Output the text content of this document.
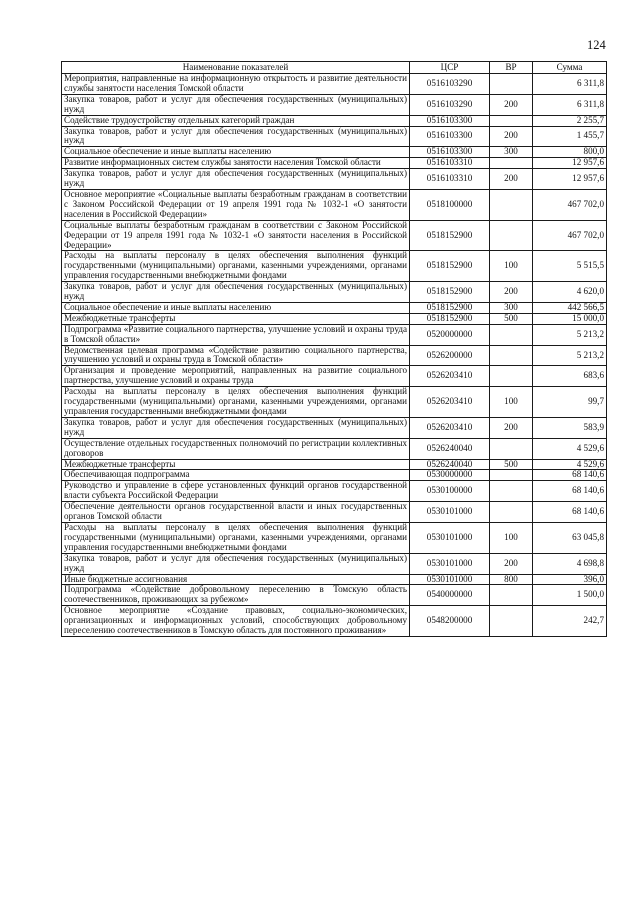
124
Наименование показателей	ЦСР	ВР	Сумма
Мероприятия, направленные на информационную открытость и развитие деятельности службы занятости населения Томской области	0516103290		6 311,8
Закупка товаров, работ и услуг для обеспечения государственных (муниципальных) нужд	0516103290	200	6 311,8
Содействие трудоустройству отдельных категорий граждан	0516103300		2 255,7
Закупка товаров, работ и услуг для обеспечения государственных (муниципальных) нужд	0516103300	200	1 455,7
Социальное обеспечение и иные выплаты населению	0516103300	300	800,0
Развитие информационных систем службы занятости населения Томской области	0516103310		12 957,6
Закупка товаров, работ и услуг для обеспечения государственных (муниципальных) нужд	0516103310	200	12 957,6
Основное мероприятие «Социальные выплаты безработным гражданам в соответствии с Законом Российской Федерации от 19 апреля 1991 года № 1032-1 «О занятости населения в Российской Федерации»	0518100000		467 702,0
Социальные выплаты безработным гражданам в соответствии с Законом Российской Федерации от 19 апреля 1991 года № 1032-1 «О занятости населения в Российской Федерации»	0518152900		467 702,0
Расходы на выплаты персоналу в целях обеспечения выполнения функций государственными (муниципальными) органами, казенными учреждениями, органами управления государственными внебюджетными фондами	0518152900	100	5 515,5
Закупка товаров, работ и услуг для обеспечения государственных (муниципальных) нужд	0518152900	200	4 620,0
Социальное обеспечение и иные выплаты населению	0518152900	300	442 566,5
Межбюджетные трансферты	0518152900	500	15 000,0
Подпрограмма «Развитие социального партнерства, улучшение условий и охраны труда в Томской области»	0520000000		5 213,2
Ведомственная целевая программа «Содействие развитию социального партнерства, улучшению условий и охраны труда в Томской области»	0526200000		5 213,2
Организация и проведение мероприятий, направленных на развитие социального партнерства, улучшение условий и охраны труда	0526203410		683,6
Расходы на выплаты персоналу в целях обеспечения выполнения функций государственными (муниципальными) органами, казенными учреждениями, органами управления государственными внебюджетными фондами	0526203410	100	99,7
Закупка товаров, работ и услуг для обеспечения государственных (муниципальных) нужд	0526203410	200	583,9
Осуществление отдельных государственных полномочий по регистрации коллективных договоров	0526240040		4 529,6
Межбюджетные трансферты	0526240040	500	4 529,6
Обеспечивающая подпрограмма	0530000000		68 140,6
Руководство и управление в сфере установленных функций органов государственной власти субъекта Российской Федерации	0530100000		68 140,6
Обеспечение деятельности органов государственной власти и иных государственных органов Томской области	0530101000		68 140,6
Расходы на выплаты персоналу в целях обеспечения выполнения функций государственными (муниципальными) органами, казенными учреждениями, органами управления государственными внебюджетными фондами	0530101000	100	63 045,8
Закупка товаров, работ и услуг для обеспечения государственных (муниципальных) нужд	0530101000	200	4 698,8
Иные бюджетные ассигнования	0530101000	800	396,0
Подпрограмма «Содействие добровольному переселению в Томскую область соотечественников, проживающих за рубежом»	0540000000		1 500,0
Основное мероприятие «Создание правовых, социально-экономических, организационных и информационных условий, способствующих добровольному переселению соотечественников в Томскую область для постоянного проживания»	0548200000		242,7
